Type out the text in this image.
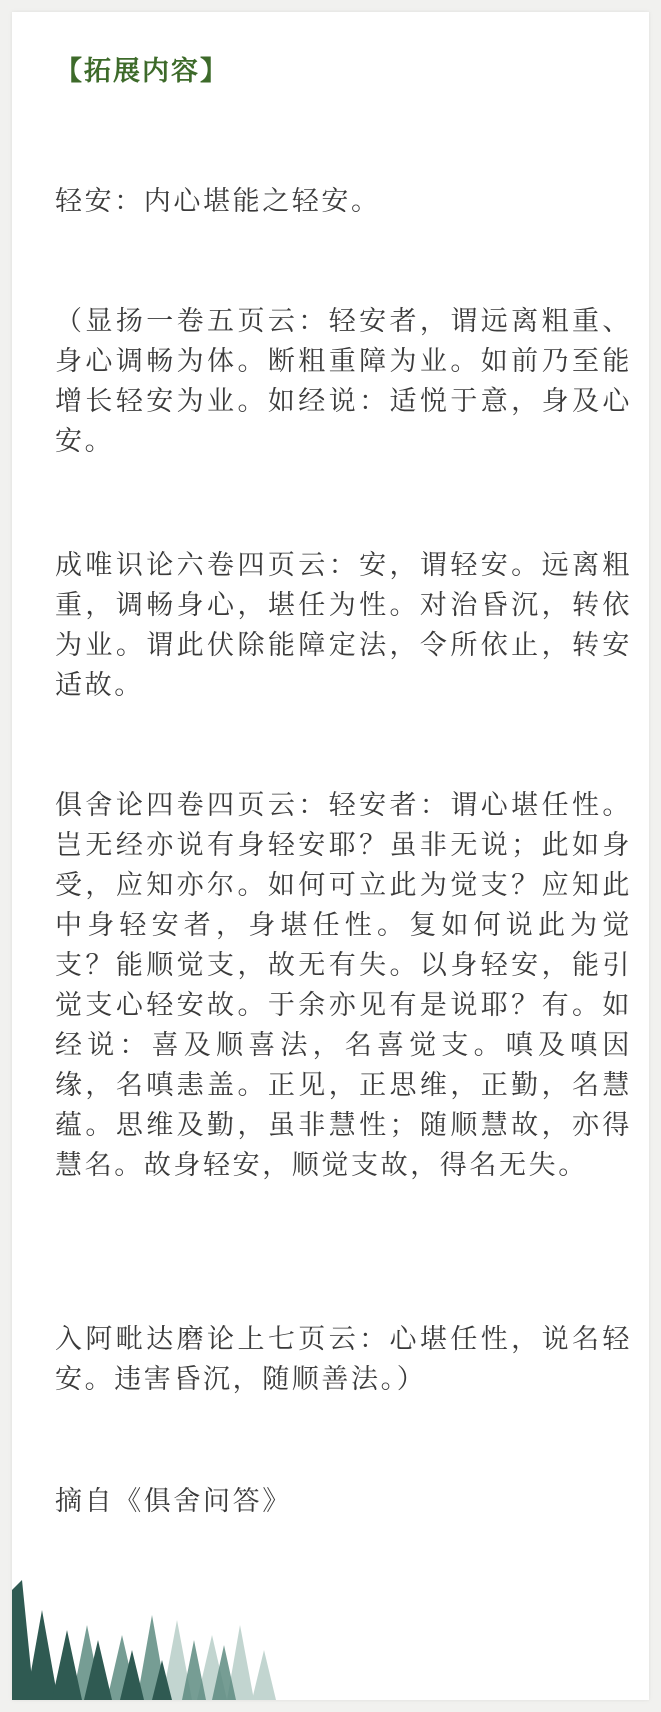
【拓展内容】

轻安：内心堪能之轻安。

（显扬一卷五页云：轻安者，谓远离粗重、身心调畅为体。断粗重障为业。如前乃至能增长轻安为业。如经说：适悦于意，身及心安。

成唯识论六卷四页云：安，谓轻安。远离粗重，调畅身心，堪任为性。对治昏沉，转依为业。谓此伏除能障定法，令所依止，转安适故。

俱舍论四卷四页云：轻安者：谓心堪任性。岂无经亦说有身轻安耶？虽非无说；此如身受，应知亦尔。如何可立此为觉支？应知此中身轻安者，身堪任性。复如何说此为觉支？能顺觉支，故无有失。以身轻安，能引觉支心轻安故。于余亦见有是说耶？有。如经说：喜及顺喜法，名喜觉支。嗔及嗔因缘，名嗔恚盖。正见，正思维，正勤，名慧蕴。思维及勤，虽非慧性；随顺慧故，亦得慧名。故身轻安，顺觉支故，得名无失。

入阿毗达磨论上七页云：心堪任性，说名轻安。违害昏沉，随顺善法。）

摘自《俱舍问答》
